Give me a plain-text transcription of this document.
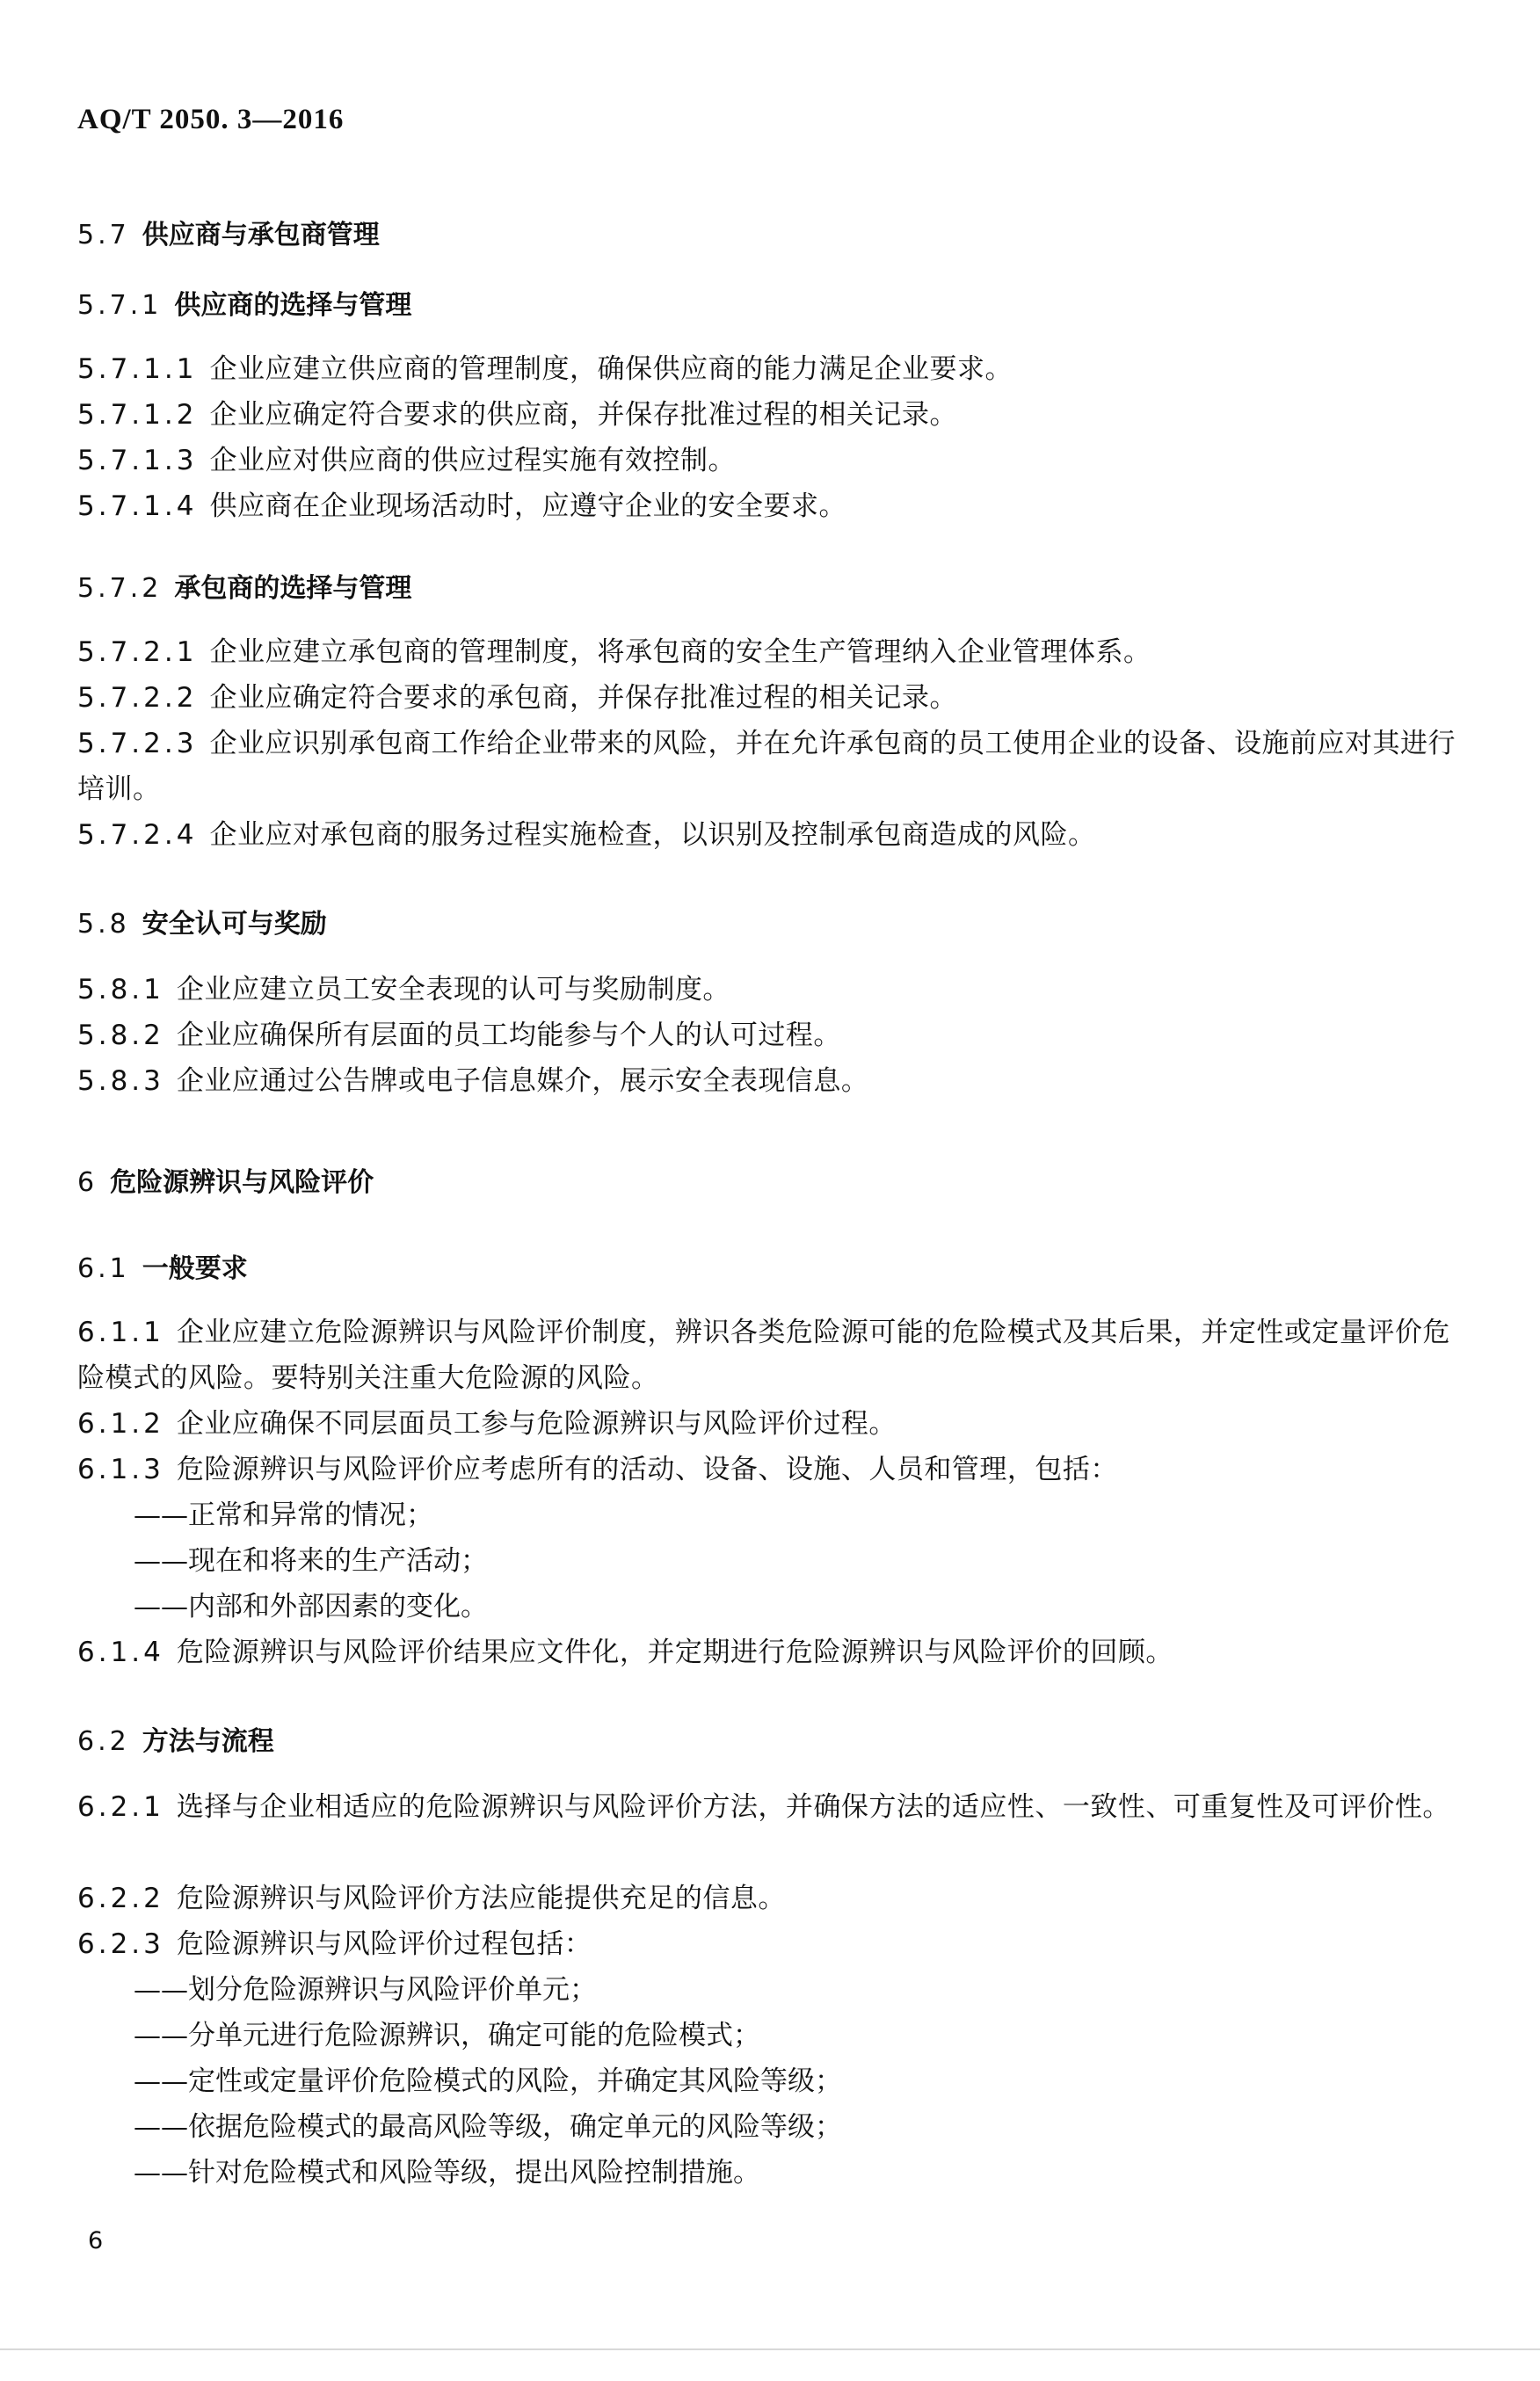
AQ/T 2050. 3—2016
5.7 供应商与承包商管理
5.7.1 供应商的选择与管理
5.7.1.1 企业应建立供应商的管理制度，确保供应商的能力满足企业要求。
5.7.1.2 企业应确定符合要求的供应商，并保存批准过程的相关记录。
5.7.1.3 企业应对供应商的供应过程实施有效控制。
5.7.1.4 供应商在企业现场活动时，应遵守企业的安全要求。
5.7.2 承包商的选择与管理
5.7.2.1 企业应建立承包商的管理制度，将承包商的安全生产管理纳入企业管理体系。
5.7.2.2 企业应确定符合要求的承包商，并保存批准过程的相关记录。
5.7.2.3 企业应识别承包商工作给企业带来的风险，并在允许承包商的员工使用企业的设备、设施前应对其进行培训。
5.7.2.4 企业应对承包商的服务过程实施检查，以识别及控制承包商造成的风险。
5.8 安全认可与奖励
5.8.1 企业应建立员工安全表现的认可与奖励制度。
5.8.2 企业应确保所有层面的员工均能参与个人的认可过程。
5.8.3 企业应通过公告牌或电子信息媒介，展示安全表现信息。
6 危险源辨识与风险评价
6.1 一般要求
6.1.1 企业应建立危险源辨识与风险评价制度，辨识各类危险源可能的危险模式及其后果，并定性或定量评价危险模式的风险。要特别关注重大危险源的风险。
6.1.2 企业应确保不同层面员工参与危险源辨识与风险评价过程。
6.1.3 危险源辨识与风险评价应考虑所有的活动、设备、设施、人员和管理，包括：
——正常和异常的情况；
——现在和将来的生产活动；
——内部和外部因素的变化。
6.1.4 危险源辨识与风险评价结果应文件化，并定期进行危险源辨识与风险评价的回顾。
6.2 方法与流程
6.2.1 选择与企业相适应的危险源辨识与风险评价方法，并确保方法的适应性、一致性、可重复性及可评价性。
6.2.2 危险源辨识与风险评价方法应能提供充足的信息。
6.2.3 危险源辨识与风险评价过程包括：
——划分危险源辨识与风险评价单元；
——分单元进行危险源辨识，确定可能的危险模式；
——定性或定量评价危险模式的风险，并确定其风险等级；
——依据危险模式的最高风险等级，确定单元的风险等级；
——针对危险模式和风险等级，提出风险控制措施。
6
